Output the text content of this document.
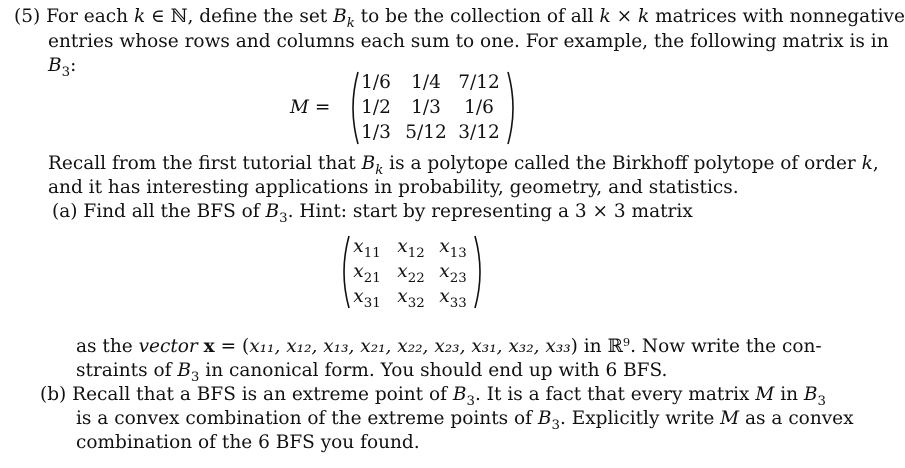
(5) For each k ∈ ℕ, define the set $B_k$ to be the collection of all k × k matrices with nonnegative
entries whose rows and columns each sum to one. For example, the following matrix is in
$B_3$:
M =
1/6	1/4 7/12
1/2	1/3	1/6
1/3 5/12 3/12
Recall from the first tutorial that $B_k$ is a polytope called the Birkhoff polytope of order k,
and it has interesting applications in probability, geometry, and statistics.
(a) Find all the BFS of $B_3$. Hint: start by representing a 3 × 3 matrix
$x_{11}$ $x_{12}$ $x_{13}$
$x_{21}$ $x_{22}$ $x_{23}$
$x_{31}$ $x_{32}$ $x_{33}$
as the vector x = (x₁₁, x₁₂, x₁₃, x₂₁, x₂₂, x₂₃, x₃₁, x₃₂, x₃₃) in ℝ$^9$. Now write the con-
straints of $B_3$ in canonical form. You should end up with 6 BFS.
(b) Recall that a BFS is an extreme point of $B_3$. It is a fact that every matrix M in $B_3$
is a convex combination of the extreme points of $B_3$. Explicitly write M as a convex
combination of the 6 BFS you found.
